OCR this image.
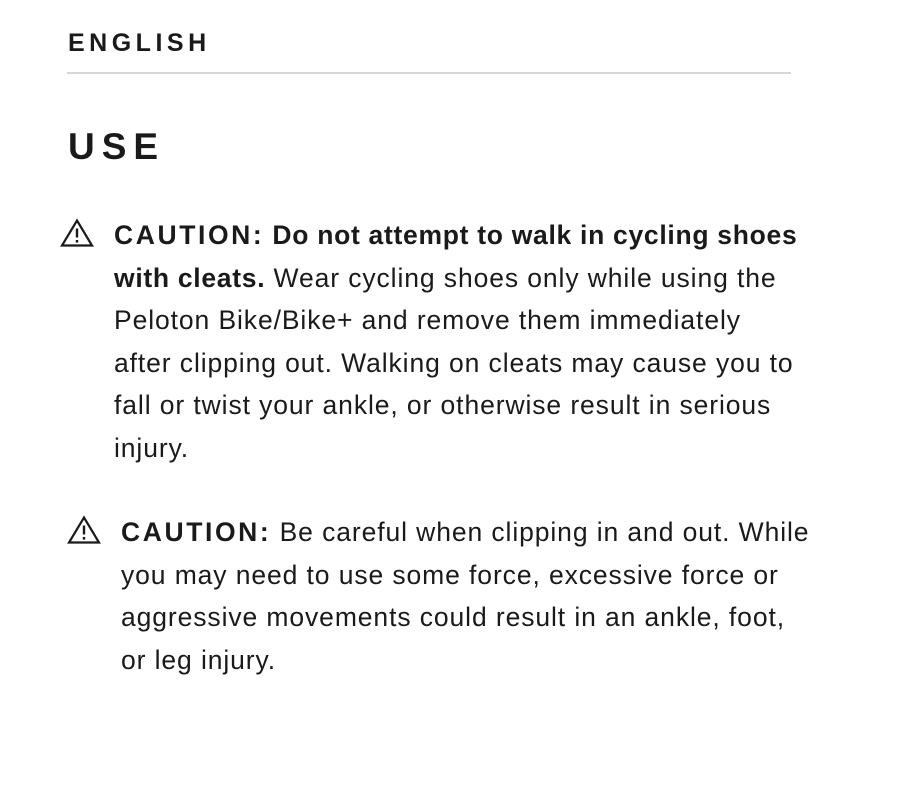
ENGLISH
USE

CAUTION: Do not attempt to walk in cycling shoes with cleats. Wear cycling shoes only while using the Peloton Bike/Bike+ and remove them immediately after clipping out. Walking on cleats may cause you to fall or twist your ankle, or otherwise result in serious injury.

CAUTION: Be careful when clipping in and out. While you may need to use some force, excessive force or aggressive movements could result in an ankle, foot, or leg injury.
